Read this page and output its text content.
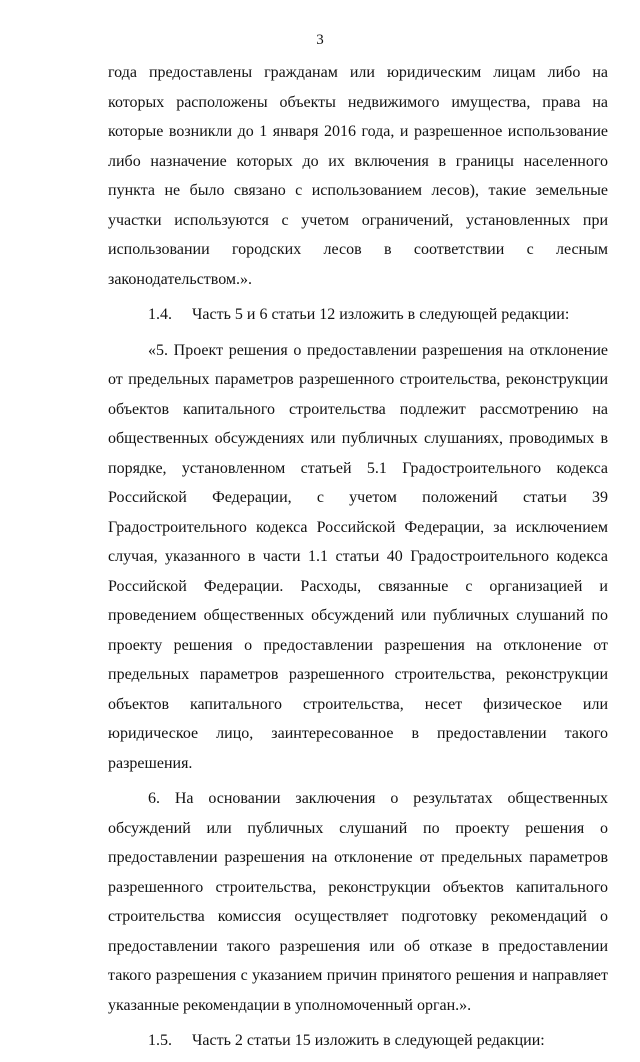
3

года предоставлены гражданам или юридическим лицам либо на которых расположены объекты недвижимого имущества, права на которые возникли до 1 января 2016 года, и разрешенное использование либо назначение которых до их включения в границы населенного пункта не было связано с использованием лесов), такие земельные участки используются с учетом ограничений, установленных при использовании городских лесов в соответствии с лесным законодательством.».

1.4. Часть 5 и 6 статьи 12 изложить в следующей редакции:

«5. Проект решения о предоставлении разрешения на отклонение от предельных параметров разрешенного строительства, реконструкции объектов капитального строительства подлежит рассмотрению на общественных обсуждениях или публичных слушаниях, проводимых в порядке, установленном статьей 5.1 Градостроительного кодекса Российской Федерации, с учетом положений статьи 39 Градостроительного кодекса Российской Федерации, за исключением случая, указанного в части 1.1 статьи 40 Градостроительного кодекса Российской Федерации. Расходы, связанные с организацией и проведением общественных обсуждений или публичных слушаний по проекту решения о предоставлении разрешения на отклонение от предельных параметров разрешенного строительства, реконструкции объектов капитального строительства, несет физическое или юридическое лицо, заинтересованное в предоставлении такого разрешения.

6. На основании заключения о результатах общественных обсуждений или публичных слушаний по проекту решения о предоставлении разрешения на отклонение от предельных параметров разрешенного строительства, реконструкции объектов капитального строительства комиссия осуществляет подготовку рекомендаций о предоставлении такого разрешения или об отказе в предоставлении такого разрешения с указанием причин принятого решения и направляет указанные рекомендации в уполномоченный орган.».

1.5. Часть 2 статьи 15 изложить в следующей редакции:
